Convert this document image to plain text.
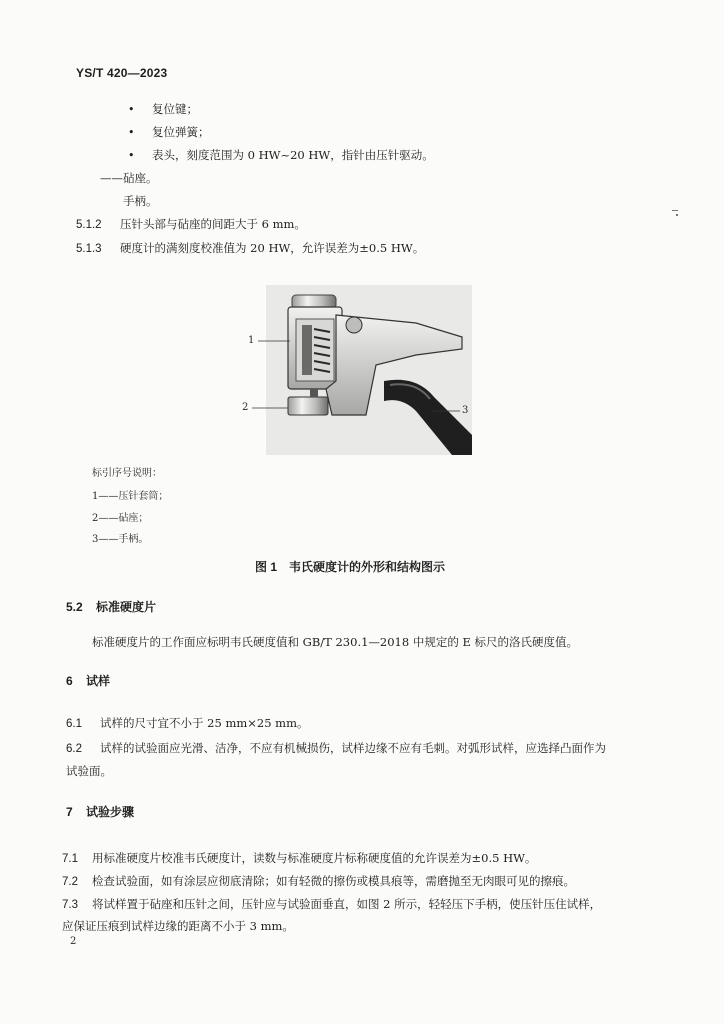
YS/T 420—2023
• 复位键；
• 复位弹簧；
• 表头，刻度范围为 0 HW~20 HW，指针由压针驱动。
——砧座。
手柄。
5.1.2 压针头部与砧座的间距大于 6 mm。
5.1.3 硬度计的满刻度校准值为 20 HW，允许误差为±0.5 HW。
1
2	3
标引序号说明：
1——压针套筒；
2——砧座；
3——手柄。
图 1　韦氏硬度计的外形和结构图示
5.2 标准硬度片
标准硬度片的工作面应标明韦氏硬度值和 GB/T 230.1—2018 中规定的 E 标尺的洛氏硬度值。
6 试样
6.1 试样的尺寸宜不小于 25 mm×25 mm。
6.2 试样的试验面应光滑、洁净，不应有机械损伤，试样边缘不应有毛刺。对弧形试样，应选择凸面作为
试验面。
7 试验步骤
7.1 用标准硬度片校准韦氏硬度计，读数与标准硬度片标称硬度值的允许误差为±0.5 HW。
7.2 检查试验面，如有涂层应彻底清除；如有轻微的擦伤或模具痕等，需磨抛至无肉眼可见的擦痕。
7.3 将试样置于砧座和压针之间，压针应与试验面垂直，如图 2 所示，轻轻压下手柄，使压针压住试样，
应保证压痕到试样边缘的距离不小于 3 mm。
2
